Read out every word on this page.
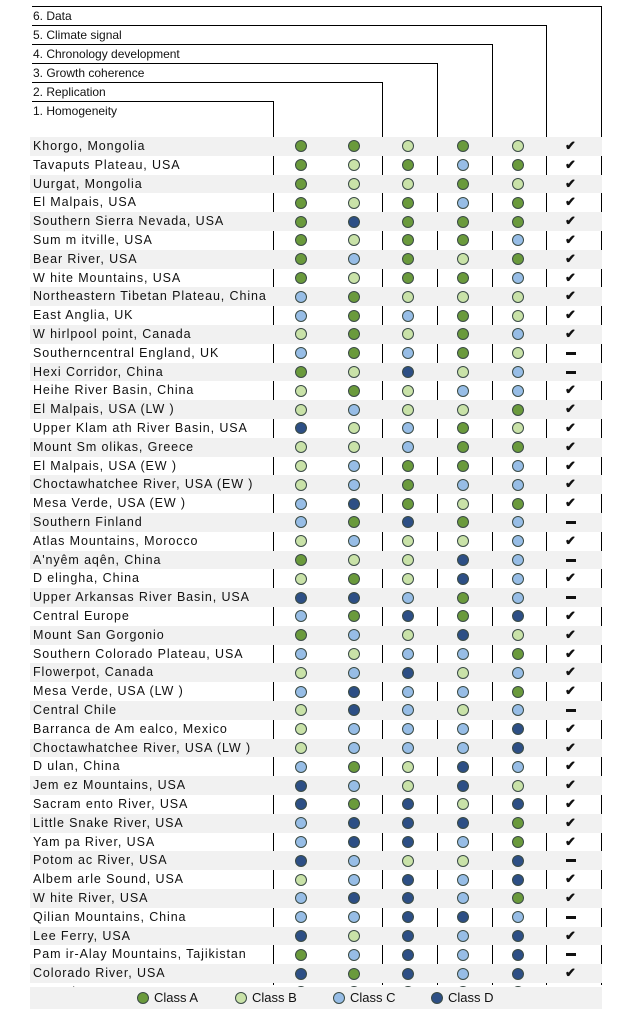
1. Homogeneity
2. Replication
3. Growth coherence
4. Chronology development
5. Climate signal
6. Data
Khorgo, Mongolia	✔
Tavaputs Plateau, USA	✔
Uurgat, Mongolia	✔
El Malpais, USA	✔
Southern Sierra Nevada, USA	✔
Sum m itville, USA	✔
Bear River, USA	✔
W hite Mountains, USA	✔
Northeastern Tibetan Plateau, China	✔
East Anglia, UK	✔
W hirlpool point, Canada	✔
Southerncentral England, UK	▬
Hexi Corridor, China	▬
Heihe River Basin, China	✔
El Malpais, USA (LW )	✔
Upper Klam ath River Basin, USA	✔
Mount Sm olikas, Greece	✔
El Malpais, USA (EW )	✔
Choctawhatchee River, USA (EW )	✔
Mesa Verde, USA (EW )	✔
Southern Finland	▬
Atlas Mountains, Morocco	✔
A'nyêm aqên, China	▬
D elingha, China	✔
Upper Arkansas River Basin, USA	▬
Central Europe	✔
Mount San Gorgonio	✔
Southern Colorado Plateau, USA	✔
Flowerpot, Canada	✔
Mesa Verde, USA (LW )	✔
Central Chile	▬
Barranca de Am ealco, Mexico	✔
Choctawhatchee River, USA (LW )	✔
D ulan, China	✔
Jem ez Mountains, USA	✔
Sacram ento River, USA	✔
Little Snake River, USA	✔
Yam pa River, USA	✔
Potom ac River, USA	▬
Albem arle Sound, USA	✔
W hite River, USA	✔
Qilian Mountains, China	▬
Lee Ferry, USA	✔
Pam ir-Alay Mountains, Tajikistan	▬
Colorado River, USA	✔
Class A	Class B	Class C	Class D
